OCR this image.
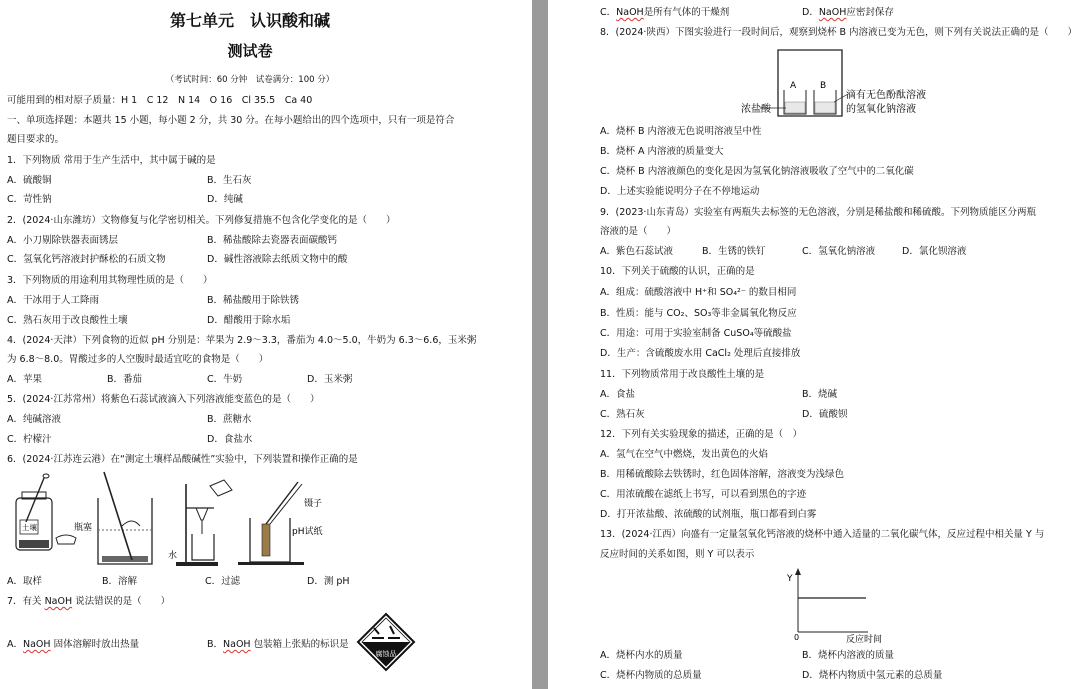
第七单元　认识酸和碱
测试卷
（考试时间：60 分钟　试卷满分：100 分）
可能用到的相对原子质量：H 1　C 12　N 14　O 16　Cl 35.5　Ca 40
一、单项选择题：本题共 15 小题，每小题 2 分，共 30 分。在每小题给出的四个选项中，只有一项是符合
题目要求的。
1．下列物质 常用于生产生活中，其中属于碱的是
A．硫酸铜	B．生石灰
C．苛性钠	D．纯碱
2．(2024·山东潍坊）文物修复与化学密切相关。下列修复措施不包含化学变化的是（　　）
A．小刀剔除铁器表面锈层	B．稀盐酸除去瓷器表面碳酸钙
C．氢氧化钙溶液封护酥松的石质文物	D．碱性溶液除去纸质文物中的酸
3．下列物质的用途利用其物理性质的是（　　）
A．干冰用于人工降雨	B．稀盐酸用于除铁锈
C．熟石灰用于改良酸性土壤	D．醋酸用于除水垢
4．(2024·天津）下列食物的近似 pH 分别是：苹果为 2.9～3.3，番茄为 4.0～5.0，牛奶为 6.3～6.6，玉米粥
为 6.8～8.0。胃酸过多的人空腹时最适宜吃的食物是（　　）
A．苹果	B．番茄	C．牛奶	D．玉米粥
5．(2024·江苏常州）将紫色石蕊试液滴入下列溶液能变蓝色的是（　　）
A．纯碱溶液	B．蔗糖水
C．柠檬汁	D．食盐水
6．(2024·江苏连云港）在“测定土壤样品酸碱性”实验中，下列装置和操作正确的是
土壤	瓶塞
水
镊子
pH试纸
A．取样	B．溶解	C．过滤	D．测 pH
7．有关 NaOH 说法错误的是（　　）
A．NaOH 固体溶解时放出热量	B．NaOH 包装箱上张贴的标识是
腐蚀品
C．NaOH是所有气体的干燥剂	D．NaOH应密封保存
8．(2024·陕西）下图实验进行一段时间后，观察到烧杯 B 内溶液已变为无色，则下列有关说法正确的是（　　）
A	B
浓盐酸
滴有无色酚酞溶液
的氢氧化钠溶液
A．烧杯 B 内溶液无色说明溶液呈中性
B．烧杯 A 内溶液的质量变大
C．烧杯 B 内溶液颜色的变化是因为氢氧化钠溶液吸收了空气中的二氧化碳
D．上述实验能说明分子在不停地运动
9．(2023·山东青岛）实验室有两瓶失去标签的无色溶液，分别是稀盐酸和稀硫酸。下列物质能区分两瓶
溶液的是（　　）
A．紫色石蕊试液	B．生锈的铁钉	C．氢氧化钠溶液	D．氯化钡溶液
10．下列关于硫酸的认识，正确的是
A．组成：硫酸溶液中 H⁺和 SO₄²⁻ 的数目相同
B．性质：能与 CO₂、SO₃等非金属氧化物反应
C．用途：可用于实验室制备 CuSO₄等硫酸盐
D．生产：含硫酸废水用 CaCl₂ 处理后直接排放
11．下列物质常用于改良酸性土壤的是
A．食盐	B．烧碱
C．熟石灰	D．硫酸钡
12．下列有关实验现象的描述，正确的是（　）
A．氢气在空气中燃烧，发出黄色的火焰
B．用稀硫酸除去铁锈时，红色固体溶解，溶液变为浅绿色
C．用浓硫酸在滤纸上书写，可以看到黑色的字迹
D．打开浓盐酸、浓硫酸的试剂瓶，瓶口都看到白雾
13．(2024·江西）向盛有一定量氢氧化钙溶液的烧杯中通入适量的二氧化碳气体，反应过程中相关量 Y 与
反应时间的关系如图，则 Y 可以表示
Y
0	反应时间
A．烧杯内水的质量	B．烧杯内溶液的质量
C．烧杯内物质的总质量	D．烧杯内物质中氢元素的总质量
